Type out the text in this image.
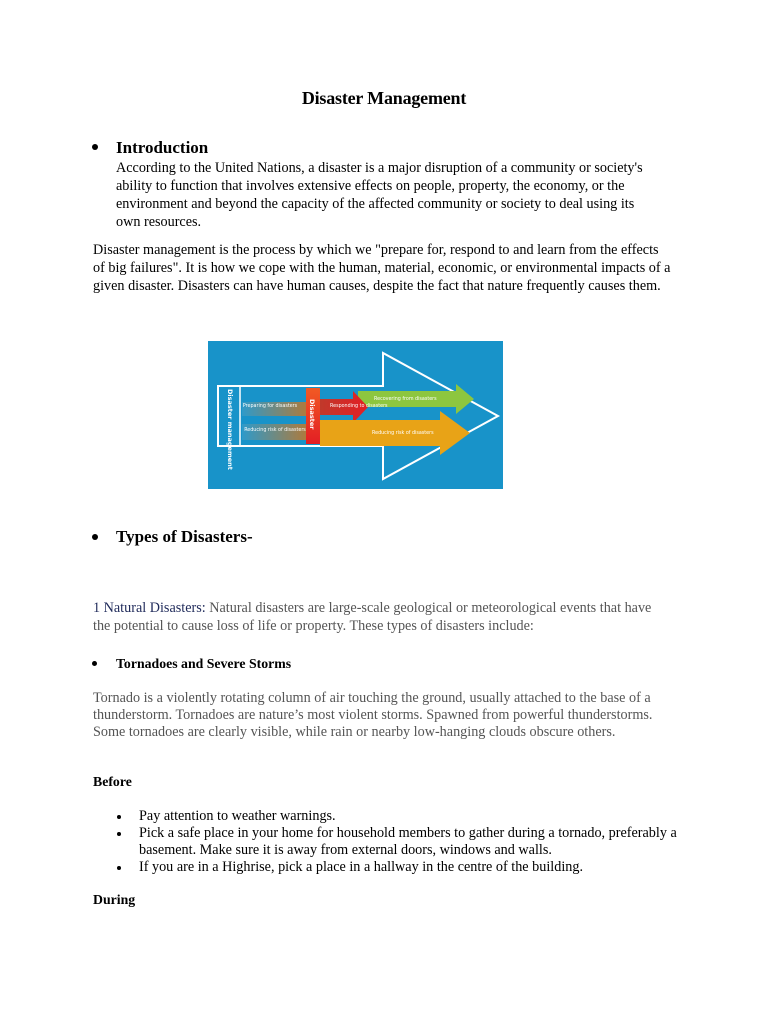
Disaster Management
Introduction

According to the United Nations, a disaster is a major disruption of a community or society's ability to function that involves extensive effects on people, property, the economy, or the environment and beyond the capacity of the affected community or society to deal using its own resources.

Disaster management is the process by which we "prepare for, respond to and learn from the effects of big failures". It is how we cope with the human, material, economic, or environmental impacts of a given disaster. Disasters can have human causes, despite the fact that nature frequently causes them.

Disaster management	Disaster
Preparing for disasters
Reducing risk of disasters
Responding to disasters
Recovering from disasters
Reducing risk of disasters
Types of Disasters-

1 Natural Disasters: Natural disasters are large-scale geological or meteorological events that have the potential to cause loss of life or property. These types of disasters include:

Tornadoes and Severe Storms

Tornado is a violently rotating column of air touching the ground, usually attached to the base of a thunderstorm. Tornadoes are nature’s most violent storms. Spawned from powerful thunderstorms. Some tornadoes are clearly visible, while rain or nearby low-hanging clouds obscure others.

Before
Pay attention to weather warnings.
Pick a safe place in your home for household members to gather during a tornado, preferably a basement. Make sure it is away from external doors, windows and walls.
If you are in a Highrise, pick a place in a hallway in the centre of the building.
During
